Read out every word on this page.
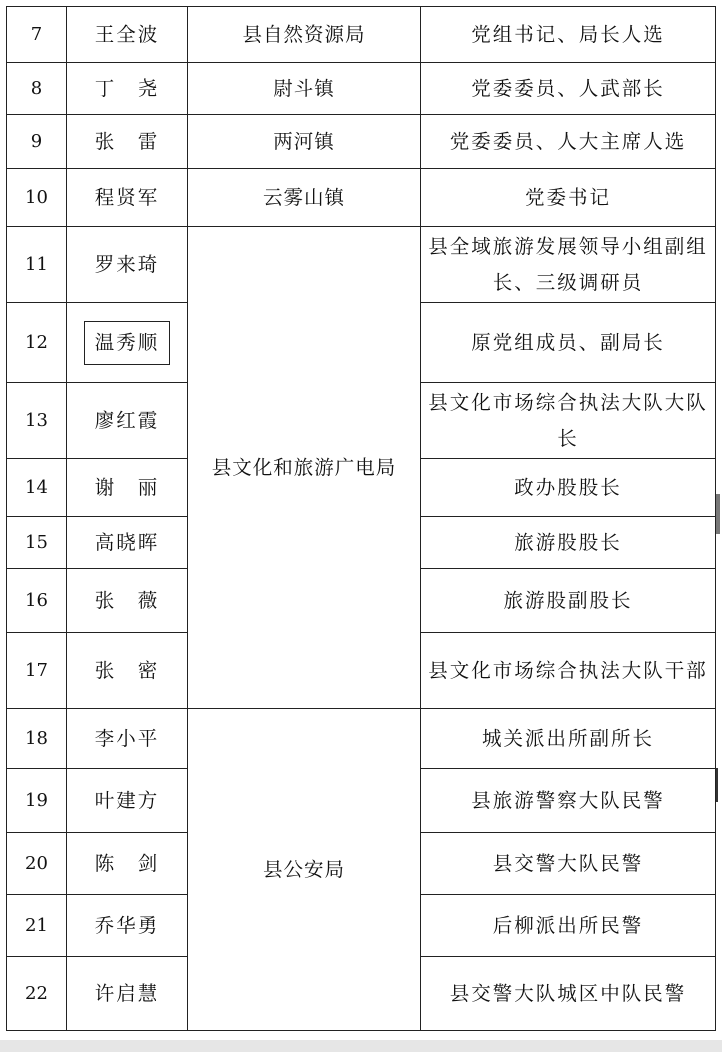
7	王全波	县自然资源局	党组书记、局长人选
8	丁　尧	尉斗镇	党委委员、人武部长
9	张　雷	两河镇	党委委员、人大主席人选
10	程贤军	云雾山镇	党委书记
11	罗来琦	县文化和旅游广电局	县全域旅游发展领导小组副组长、三级调研员
12	温秀顺		原党组成员、副局长
13	廖红霞		县文化市场综合执法大队大队长
14	谢　丽		政办股股长
15	高晓晖		旅游股股长
16	张　薇		旅游股副股长
17	张　密		县文化市场综合执法大队干部
18	李小平	县公安局	城关派出所副所长
19	叶建方		县旅游警察大队民警
20	陈　剑		县交警大队民警
21	乔华勇		后柳派出所民警
22	许启慧		县交警大队城区中队民警
